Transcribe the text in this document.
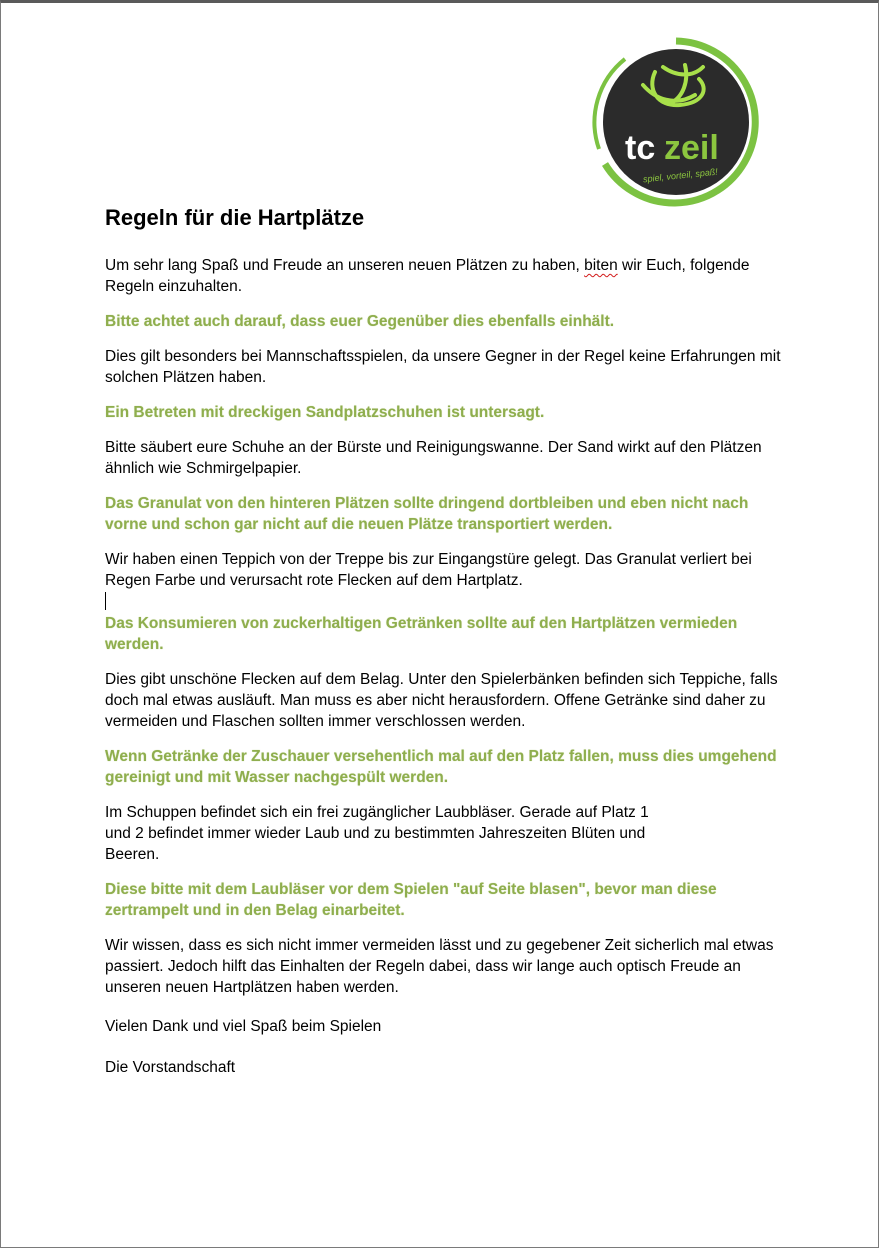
tc zeil
spiel, vorteil, spaß!
Regeln für die Hartplätze

Um sehr lang Spaß und Freude an unseren neuen Plätzen zu haben, biten wir Euch, folgende Regeln einzuhalten.

Bitte achtet auch darauf, dass euer Gegenüber dies ebenfalls einhält.

Dies gilt besonders bei Mannschaftsspielen, da unsere Gegner in der Regel keine Erfahrungen mit solchen Plätzen haben.

Ein Betreten mit dreckigen Sandplatzschuhen ist untersagt.

Bitte säubert eure Schuhe an der Bürste und Reinigungswanne. Der Sand wirkt auf den Plätzen ähnlich wie Schmirgelpapier.

Das Granulat von den hinteren Plätzen sollte dringend dortbleiben und eben nicht nach vorne und schon gar nicht auf die neuen Plätze transportiert werden.

Wir haben einen Teppich von der Treppe bis zur Eingangstüre gelegt. Das Granulat verliert bei Regen Farbe und verursacht rote Flecken auf dem Hartplatz.

Das Konsumieren von zuckerhaltigen Getränken sollte auf den Hartplätzen vermieden werden.

Dies gibt unschöne Flecken auf dem Belag. Unter den Spielerbänken befinden sich Teppiche, falls doch mal etwas ausläuft. Man muss es aber nicht herausfordern. Offene Getränke sind daher zu vermeiden und Flaschen sollten immer verschlossen werden.

Wenn Getränke der Zuschauer versehentlich mal auf den Platz fallen, muss dies umgehend gereinigt und mit Wasser nachgespült werden.

Im Schuppen befindet sich ein frei zugänglicher Laubbläser. Gerade auf Platz 1 und 2 befindet immer wieder Laub und zu bestimmten Jahreszeiten Blüten und Beeren.

Diese bitte mit dem Laubläser vor dem Spielen "auf Seite blasen", bevor man diese zertrampelt und in den Belag einarbeitet.

Wir wissen, dass es sich nicht immer vermeiden lässt und zu gegebener Zeit sicherlich mal etwas passiert. Jedoch hilft das Einhalten der Regeln dabei, dass wir lange auch optisch Freude an unseren neuen Hartplätzen haben werden.

Vielen Dank und viel Spaß beim Spielen

Die Vorstandschaft
